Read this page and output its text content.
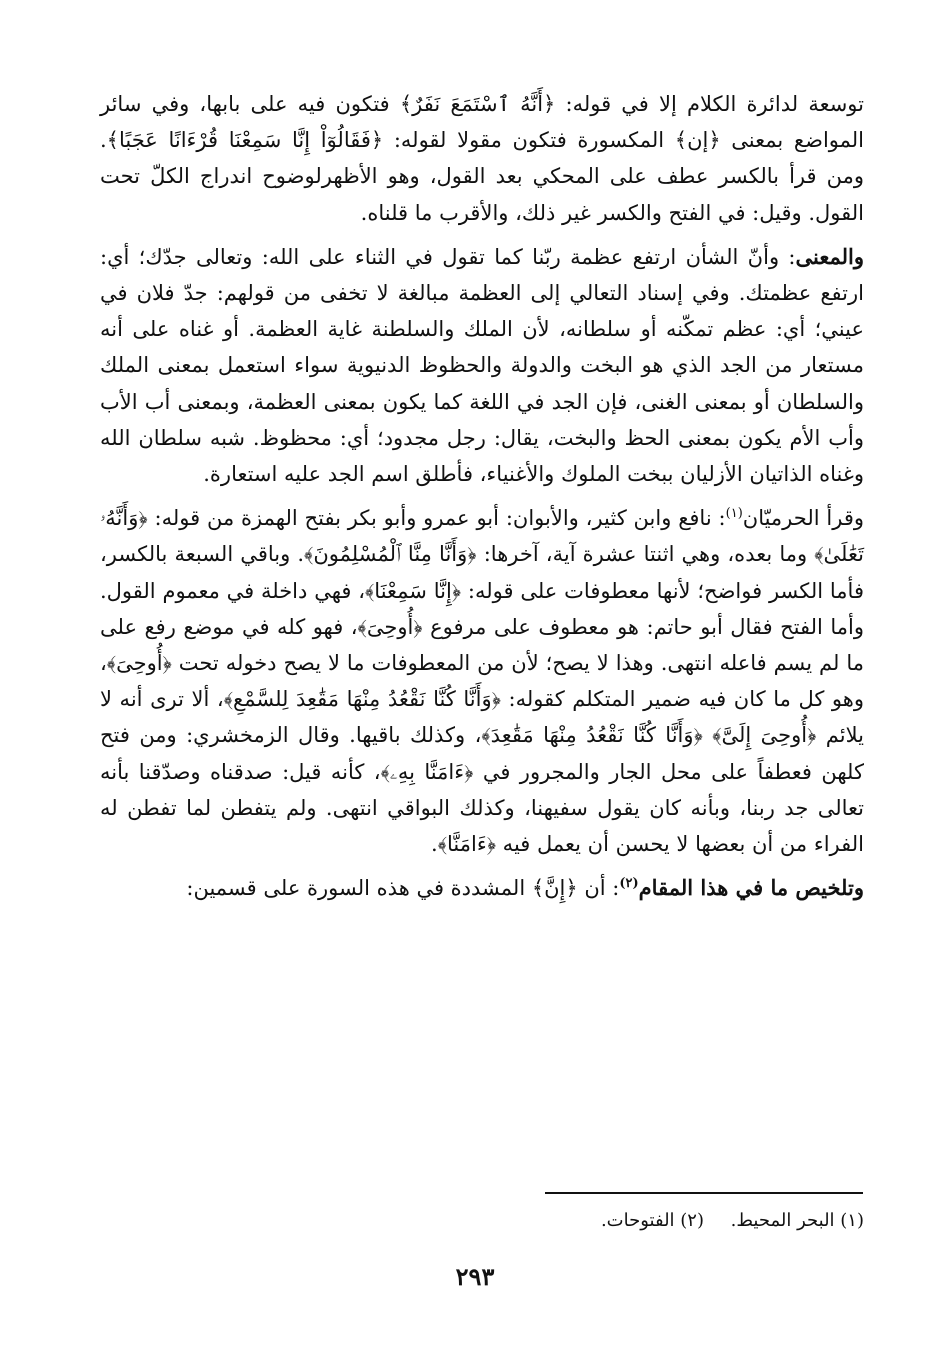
توسعة لدائرة الكلام إلا في قوله: ﴿أَنَّهُ ٱسْتَمَعَ نَفَرٌ﴾ فتكون فيه على بابها، وفي سائر المواضع بمعنى ﴿إن﴾ المكسورة فتكون مقولا لقوله: ﴿فَقَالُوٓاْ إِنَّا سَمِعْنَا قُرْءَانًا عَجَبًا﴾. ومن قرأ بالكسر عطف على المحكي بعد القول، وهو الأظهرلوضوح اندراج الكلّ تحت القول. وقيل: في الفتح والكسر غير ذلك، والأقرب ما قلناه.

والمعنى: وأنّ الشأن ارتفع عظمة ربّنا كما تقول في الثناء على الله: وتعالى جدّك؛ أي: ارتفع عظمتك. وفي إسناد التعالي إلى العظمة مبالغة لا تخفى من قولهم: جدّ فلان في عيني؛ أي: عظم تمكّنه أو سلطانه، لأن الملك والسلطنة غاية العظمة. أو غناه على أنه مستعار من الجد الذي هو البخت والدولة والحظوظ الدنيوية سواء استعمل بمعنى الملك والسلطان أو بمعنى الغنى، فإن الجد في اللغة كما يكون بمعنى العظمة، وبمعنى أب الأب وأب الأم يكون بمعنى الحظ والبخت، يقال: رجل مجدود؛ أي: محظوظ. شبه سلطان الله وغناه الذاتيان الأزليان ببخت الملوك والأغنياء، فأطلق اسم الجد عليه استعارة.

وقرأ الحرميّان$^{(١)}$: نافع وابن كثير، والأبوان: أبو عمرو وأبو بكر بفتح الهمزة من قوله: ﴿وَأَنَّهُۥ تَعَٰلَىٰ﴾ وما بعده، وهي اثنتا عشرة آية، آخرها: ﴿وَأَنَّا مِنَّا ٱلْمُسْلِمُونَ﴾. وباقي السبعة بالكسر، فأما الكسر فواضح؛ لأنها معطوفات على قوله: ﴿إِنَّا سَمِعْنَا﴾، فهي داخلة في معموم القول. وأما الفتح فقال أبو حاتم: هو معطوف على مرفوع ﴿أُوحِىَ﴾، فهو كله في موضع رفع على ما لم يسم فاعله انتهى. وهذا لا يصح؛ لأن من المعطوفات ما لا يصح دخوله تحت ﴿أُوحِىَ﴾، وهو كل ما كان فيه ضمير المتكلم كقوله: ﴿وَأَنَّا كُنَّا نَقْعُدُ مِنْهَا مَقَٰعِدَ لِلسَّمْعِ﴾، ألا ترى أنه لا يلائم ﴿أُوحِىَ إِلَىَّ﴾ ﴿وَأَنَّا كُنَّا نَقْعُدُ مِنْهَا مَقَٰعِدَ﴾، وكذلك باقيها. وقال الزمخشري: ومن فتح كلهن فعطفاً على محل الجار والمجرور في ﴿ءَامَنَّا بِهِۦ﴾، كأنه قيل: صدقناه وصدّقنا بأنه تعالى جد ربنا، وبأنه كان يقول سفيهنا، وكذلك البواقي انتهى. ولم يتفطن لما تفطن له الفراء من أن بعضها لا يحسن أن يعمل فيه ﴿ءَامَنَّا﴾.

وتلخيص ما في هذا المقام$^{(٢)}$: أن ﴿إِنَّ﴾ المشددة في هذه السورة على قسمين:

(١) البحر المحيط.
(٢) الفتوحات.
٢٩٣
